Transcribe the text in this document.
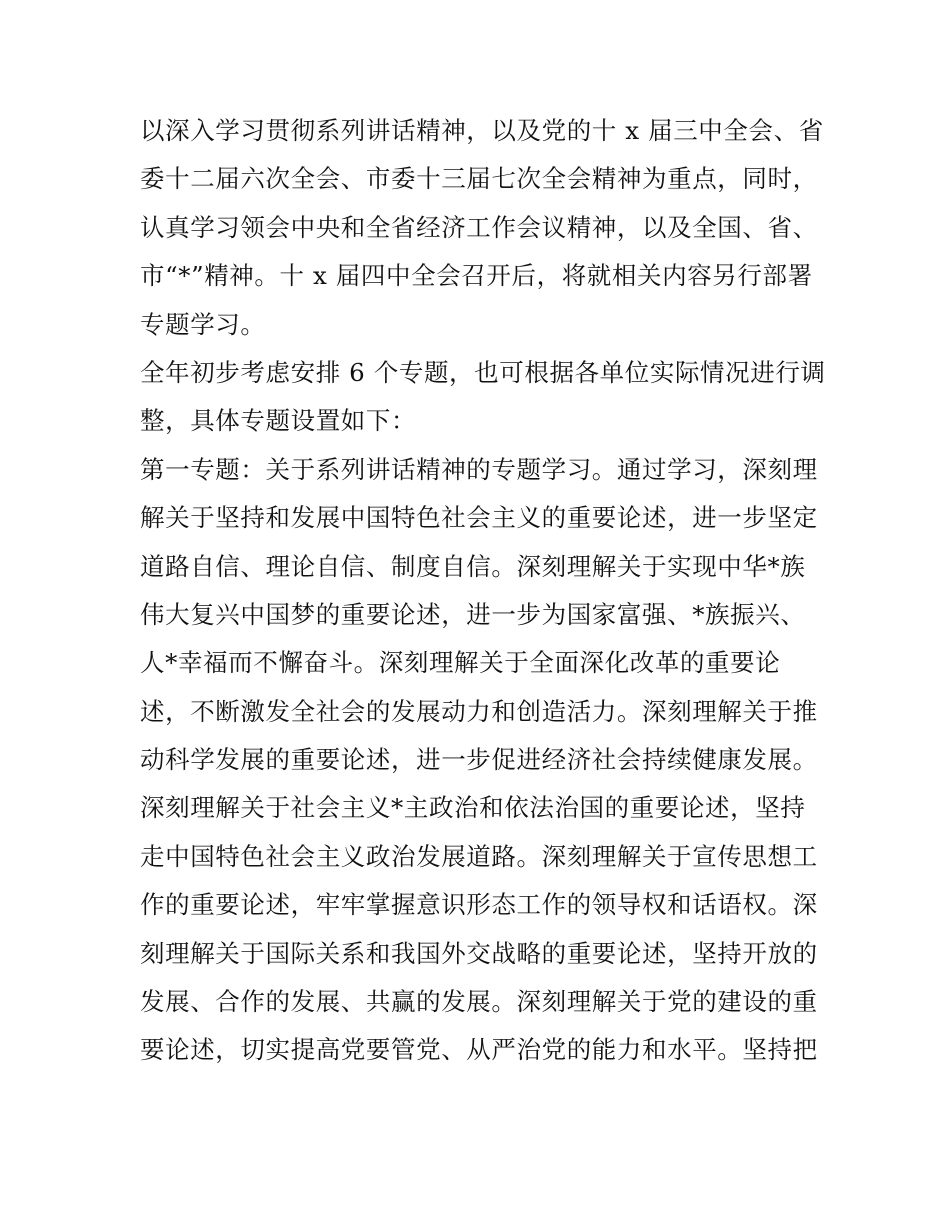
以深入学习贯彻系列讲话精神，以及党的十 x 届三中全会、省
委十二届六次全会、市委十三届七次全会精神为重点，同时，
认真学习领会中央和全省经济工作会议精神，以及全国、省、
市“*”精神。十 x 届四中全会召开后，将就相关内容另行部署
专题学习。
全年初步考虑安排 6 个专题，也可根据各单位实际情况进行调
整，具体专题设置如下：
第一专题：关于系列讲话精神的专题学习。通过学习，深刻理
解关于坚持和发展中国特色社会主义的重要论述，进一步坚定
道路自信、理论自信、制度自信。深刻理解关于实现中华*族
伟大复兴中国梦的重要论述，进一步为国家富强、*族振兴、
人*幸福而不懈奋斗。深刻理解关于全面深化改革的重要论
述，不断激发全社会的发展动力和创造活力。深刻理解关于推
动科学发展的重要论述，进一步促进经济社会持续健康发展。
深刻理解关于社会主义*主政治和依法治国的重要论述，坚持
走中国特色社会主义政治发展道路。深刻理解关于宣传思想工
作的重要论述，牢牢掌握意识形态工作的领导权和话语权。深
刻理解关于国际关系和我国外交战略的重要论述，坚持开放的
发展、合作的发展、共赢的发展。深刻理解关于党的建设的重
要论述，切实提高党要管党、从严治党的能力和水平。坚持把
